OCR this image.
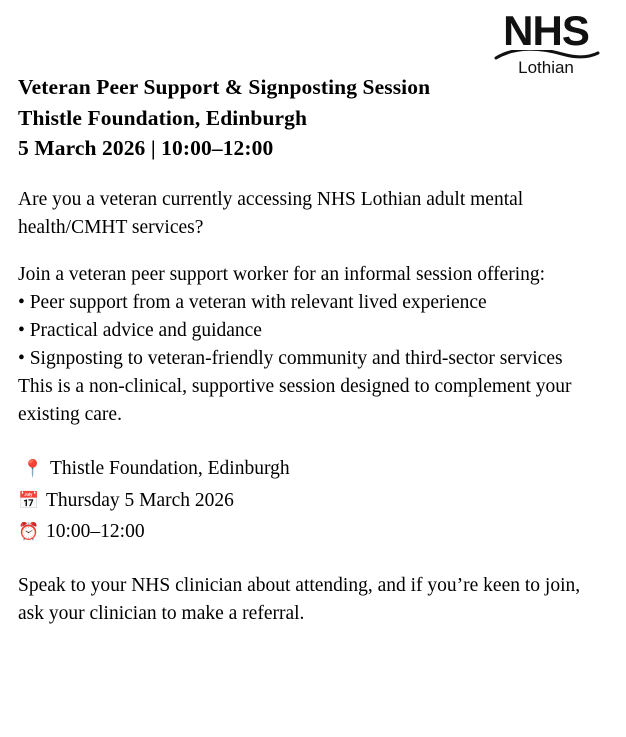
NHS
Lothian
Veteran Peer Support & Signposting Session
Thistle Foundation, Edinburgh
5 March 2026 | 10:00–12:00

Are you a veteran currently accessing NHS Lothian adult mental health/CMHT services?

Join a veteran peer support worker for an informal session offering:

• Peer support from a veteran with relevant lived experience
• Practical advice and guidance
• Signposting to veteran-friendly community and third-sector services

This is a non-clinical, supportive session designed to complement your existing care.

📍 Thistle Foundation, Edinburgh
📅 Thursday 5 March 2026
⏰ 10:00–12:00
Speak to your NHS clinician about attending, and if you’re keen to join, ask your clinician to make a referral.
